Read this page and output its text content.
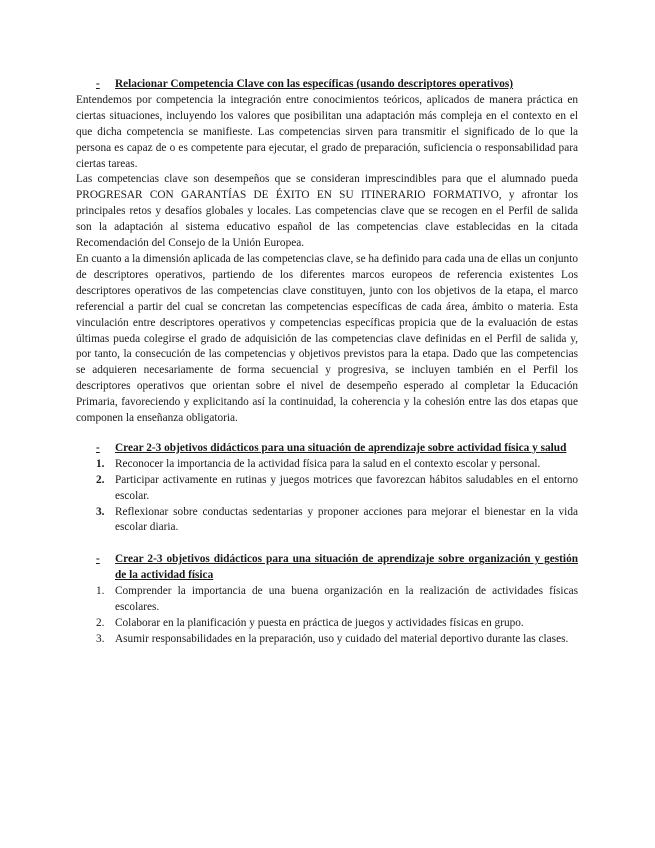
-	Relacionar Competencia Clave con las específicas (usando descriptores operativos)

Entendemos por competencia la integración entre conocimientos teóricos, aplicados de manera práctica en ciertas situaciones, incluyendo los valores que posibilitan una adaptación más compleja en el contexto en el que dicha competencia se manifieste. Las competencias sirven para transmitir el significado de lo que la persona es capaz de o es competente para ejecutar, el grado de preparación, suficiencia o responsabilidad para ciertas tareas.

Las competencias clave son desempeños que se consideran imprescindibles para que el alumnado pueda PROGRESAR CON GARANTÍAS DE ÉXITO EN SU ITINERARIO FORMATIVO, y afrontar los principales retos y desafíos globales y locales. Las competencias clave que se recogen en el Perfil de salida son la adaptación al sistema educativo español de las competencias clave establecidas en la citada Recomendación del Consejo de la Unión Europea.

En cuanto a la dimensión aplicada de las competencias clave, se ha definido para cada una de ellas un conjunto de descriptores operativos, partiendo de los diferentes marcos europeos de referencia existentes Los descriptores operativos de las competencias clave constituyen, junto con los objetivos de la etapa, el marco referencial a partir del cual se concretan las competencias específicas de cada área, ámbito o materia. Esta vinculación entre descriptores operativos y competencias específicas propicia que de la evaluación de estas últimas pueda colegirse el grado de adquisición de las competencias clave definidas en el Perfil de salida y, por tanto, la consecución de las competencias y objetivos previstos para la etapa. Dado que las competencias se adquieren necesariamente de forma secuencial y progresiva, se incluyen también en el Perfil los descriptores operativos que orientan sobre el nivel de desempeño esperado al completar la Educación Primaria, favoreciendo y explicitando así la continuidad, la coherencia y la cohesión entre las dos etapas que componen la enseñanza obligatoria.

-	Crear 2-3 objetivos didácticos para una situación de aprendizaje sobre actividad física y salud
1. Reconocer la importancia de la actividad física para la salud en el contexto escolar y personal.
2. Participar activamente en rutinas y juegos motrices que favorezcan hábitos saludables en el entorno escolar.
3. Reflexionar sobre conductas sedentarias y proponer acciones para mejorar el bienestar en la vida escolar diaria.
-	Crear 2-3 objetivos didácticos para una situación de aprendizaje sobre organización y gestión de la actividad física
1. Comprender la importancia de una buena organización en la realización de actividades físicas escolares.
2. Colaborar en la planificación y puesta en práctica de juegos y actividades físicas en grupo.
3. Asumir responsabilidades en la preparación, uso y cuidado del material deportivo durante las clases.
